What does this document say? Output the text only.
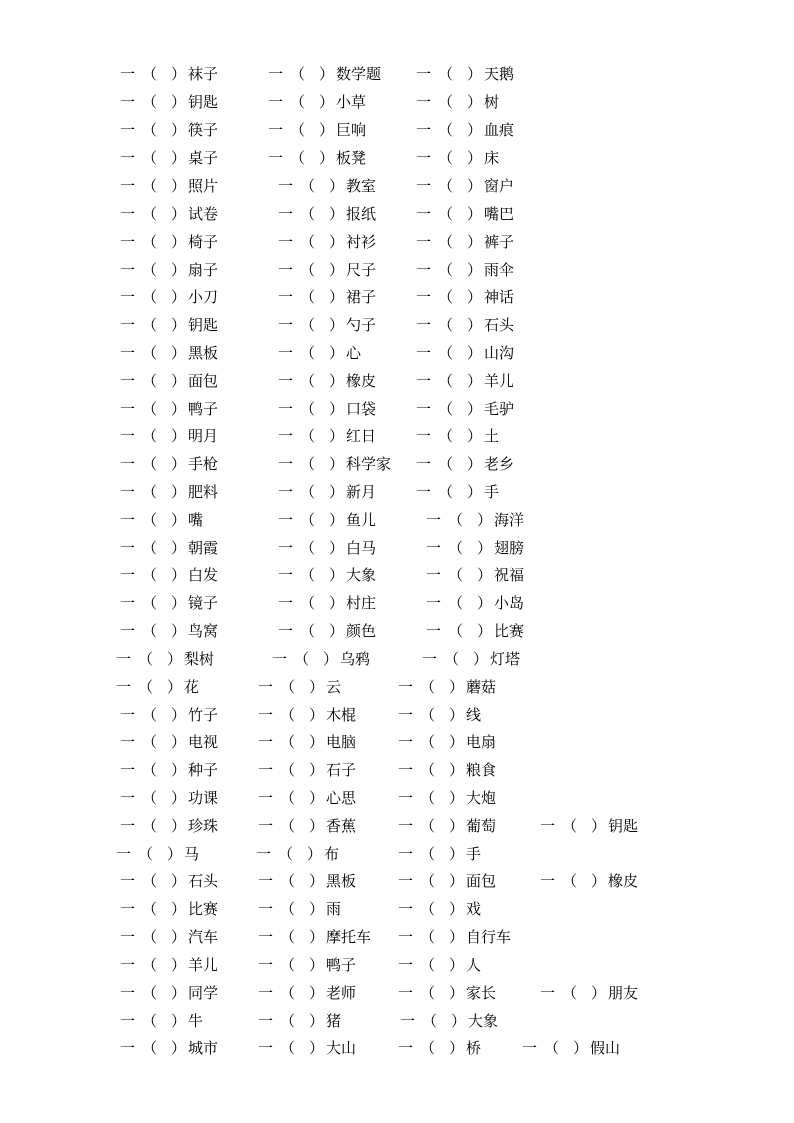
一 （ ） 袜子	一 （ ） 数学题 一 （ ） 天鹅
一 （ ） 钥匙	一 （ ） 小草	一 （ ） 树
一 （ ） 筷子	一 （ ） 巨响	一 （ ） 血痕
一 （ ） 桌子	一 （ ） 板凳	一 （ ） 床
一 （ ） 照片	一 （ ） 教室	一 （ ） 窗户
一 （ ） 试卷	一 （ ） 报纸	一 （ ） 嘴巴
一 （ ） 椅子	一 （ ） 衬衫	一 （ ） 裤子
一 （ ） 扇子	一 （ ） 尺子	一 （ ） 雨伞
一 （ ） 小刀	一 （ ） 裙子	一 （ ） 神话
一 （ ） 钥匙	一 （ ） 勺子	一 （ ） 石头
一 （ ） 黑板	一 （ ） 心	一 （ ） 山沟
一 （ ） 面包	一 （ ） 橡皮	一 （ ） 羊儿
一 （ ） 鸭子	一 （ ） 口袋	一 （ ） 毛驴
一 （ ） 明月	一 （ ） 红日	一 （ ） 土
一 （ ） 手枪	一 （ ） 科学家 一 （ ） 老乡
一 （ ） 肥料	一 （ ） 新月	一 （ ） 手
一 （ ） 嘴	一 （ ） 鱼儿	一 （ ） 海洋
一 （ ） 朝霞	一 （ ） 白马	一 （ ） 翅膀
一 （ ） 白发	一 （ ） 大象	一 （ ） 祝福
一 （ ） 镜子	一 （ ） 村庄	一 （ ） 小岛
一 （ ） 鸟窝	一 （ ） 颜色	一 （ ） 比赛
一 （ ） 梨树	一 （ ） 乌鸦	一 （ ） 灯塔
一 （ ） 花	一 （ ） 云	一 （ ） 蘑菇
一 （ ） 竹子	一 （ ） 木棍	一 （ ） 线
一 （ ） 电视	一 （ ） 电脑	一 （ ） 电扇
一 （ ） 种子	一 （ ） 石子	一 （ ） 粮食
一 （ ） 功课	一 （ ） 心思	一 （ ） 大炮
一 （ ） 珍珠	一 （ ） 香蕉	一 （ ） 葡萄	一 （ ） 钥匙
一 （ ） 马	一 （ ） 布	一 （ ） 手
一 （ ） 石头	一 （ ） 黑板	一 （ ） 面包	一 （ ） 橡皮
一 （ ） 比赛	一 （ ） 雨	一 （ ） 戏
一 （ ） 汽车	一 （ ） 摩托车 一 （ ） 自行车
一 （ ） 羊儿	一 （ ） 鸭子	一 （ ） 人
一 （ ） 同学	一 （ ） 老师	一 （ ） 家长	一 （ ） 朋友
一 （ ） 牛	一 （ ） 猪	一 （ ） 大象
一 （ ） 城市	一 （ ） 大山	一 （ ） 桥	一 （ ） 假山
